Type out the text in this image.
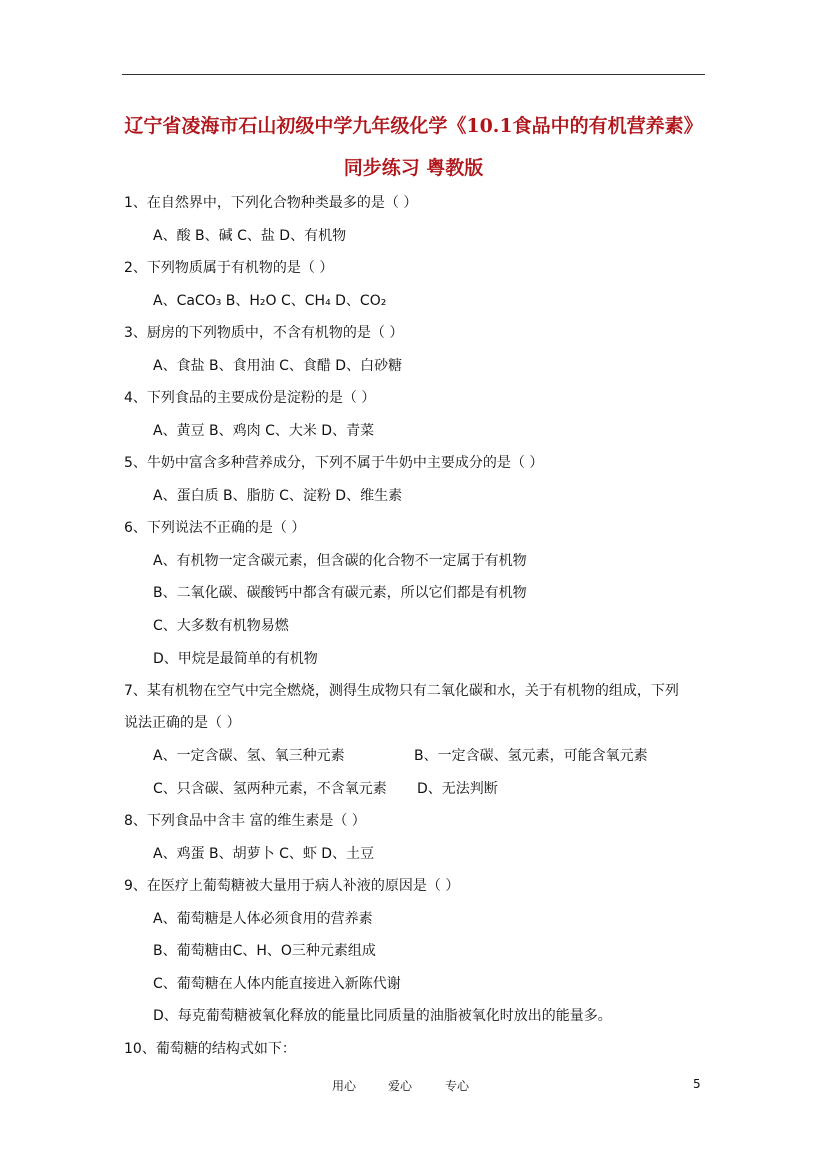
辽宁省凌海市石山初级中学九年级化学《10.1食品中的有机营养素》
同步练习 粤教版
1、在自然界中，下列化合物种类最多的是（ ）
A、酸 B、碱 C、盐 D、有机物
2、下列物质属于有机物的是（ ）
A、CaCO₃ B、H₂O C、CH₄ D、CO₂
3、厨房的下列物质中，不含有机物的是（ ）
A、食盐 B、食用油 C、食醋 D、白砂糖
4、下列食品的主要成份是淀粉的是（ ）
A、黄豆 B、鸡肉 C、大米 D、青菜
5、牛奶中富含多种营养成分，下列不属于牛奶中主要成分的是（ ）
A、蛋白质 B、脂肪 C、淀粉 D、维生素
6、下列说法不正确的是（ ）
A、有机物一定含碳元素，但含碳的化合物不一定属于有机物
B、二氧化碳、碳酸钙中都含有碳元素，所以它们都是有机物
C、大多数有机物易燃
D、甲烷是最简单的有机物
7、某有机物在空气中完全燃烧，测得生成物只有二氧化碳和水，关于有机物的组成，下列
说法正确的是（ ）
A、一定含碳、氢、氧三种元素	B、一定含碳、氢元素，可能含氧元素
C、只含碳、氢两种元素，不含氧元素 D、无法判断
8、下列食品中含丰 富的维生素是（ ）
A、鸡蛋 B、胡萝卜 C、虾 D、土豆
9、在医疗上葡萄糖被大量用于病人补液的原因是（ ）
A、葡萄糖是人体必须食用的营养素
B、葡萄糖由C、H、O三种元素组成
C、葡萄糖在人体内能直接进入新陈代谢
D、每克葡萄糖被氧化释放的能量比同质量的油脂被氧化时放出的能量多。
10、葡萄糖的结构式如下：
用心	爱心	专心	5
